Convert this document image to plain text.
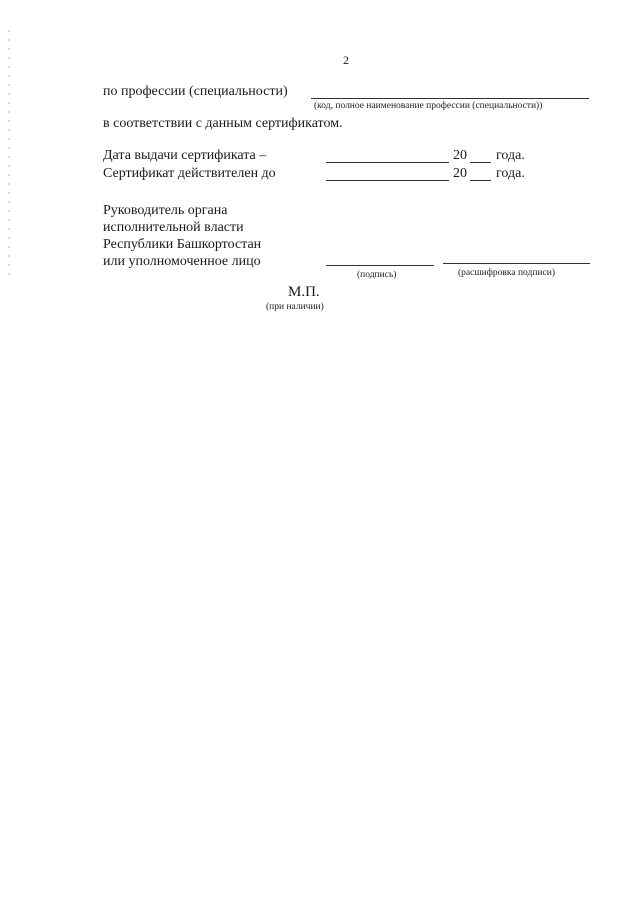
2
по профессии (специальности)
(код, полное наименование профессии (специальности))
в соответствии с данным сертификатом.
Дата выдачи сертификата –	20 года.
Сертификат действителен до	20 года.
Руководитель органа
исполнительной власти
Республики Башкортостан
или уполномоченное лицо
(подпись)	(расшифровка подписи)
М.П.
(при наличии)
